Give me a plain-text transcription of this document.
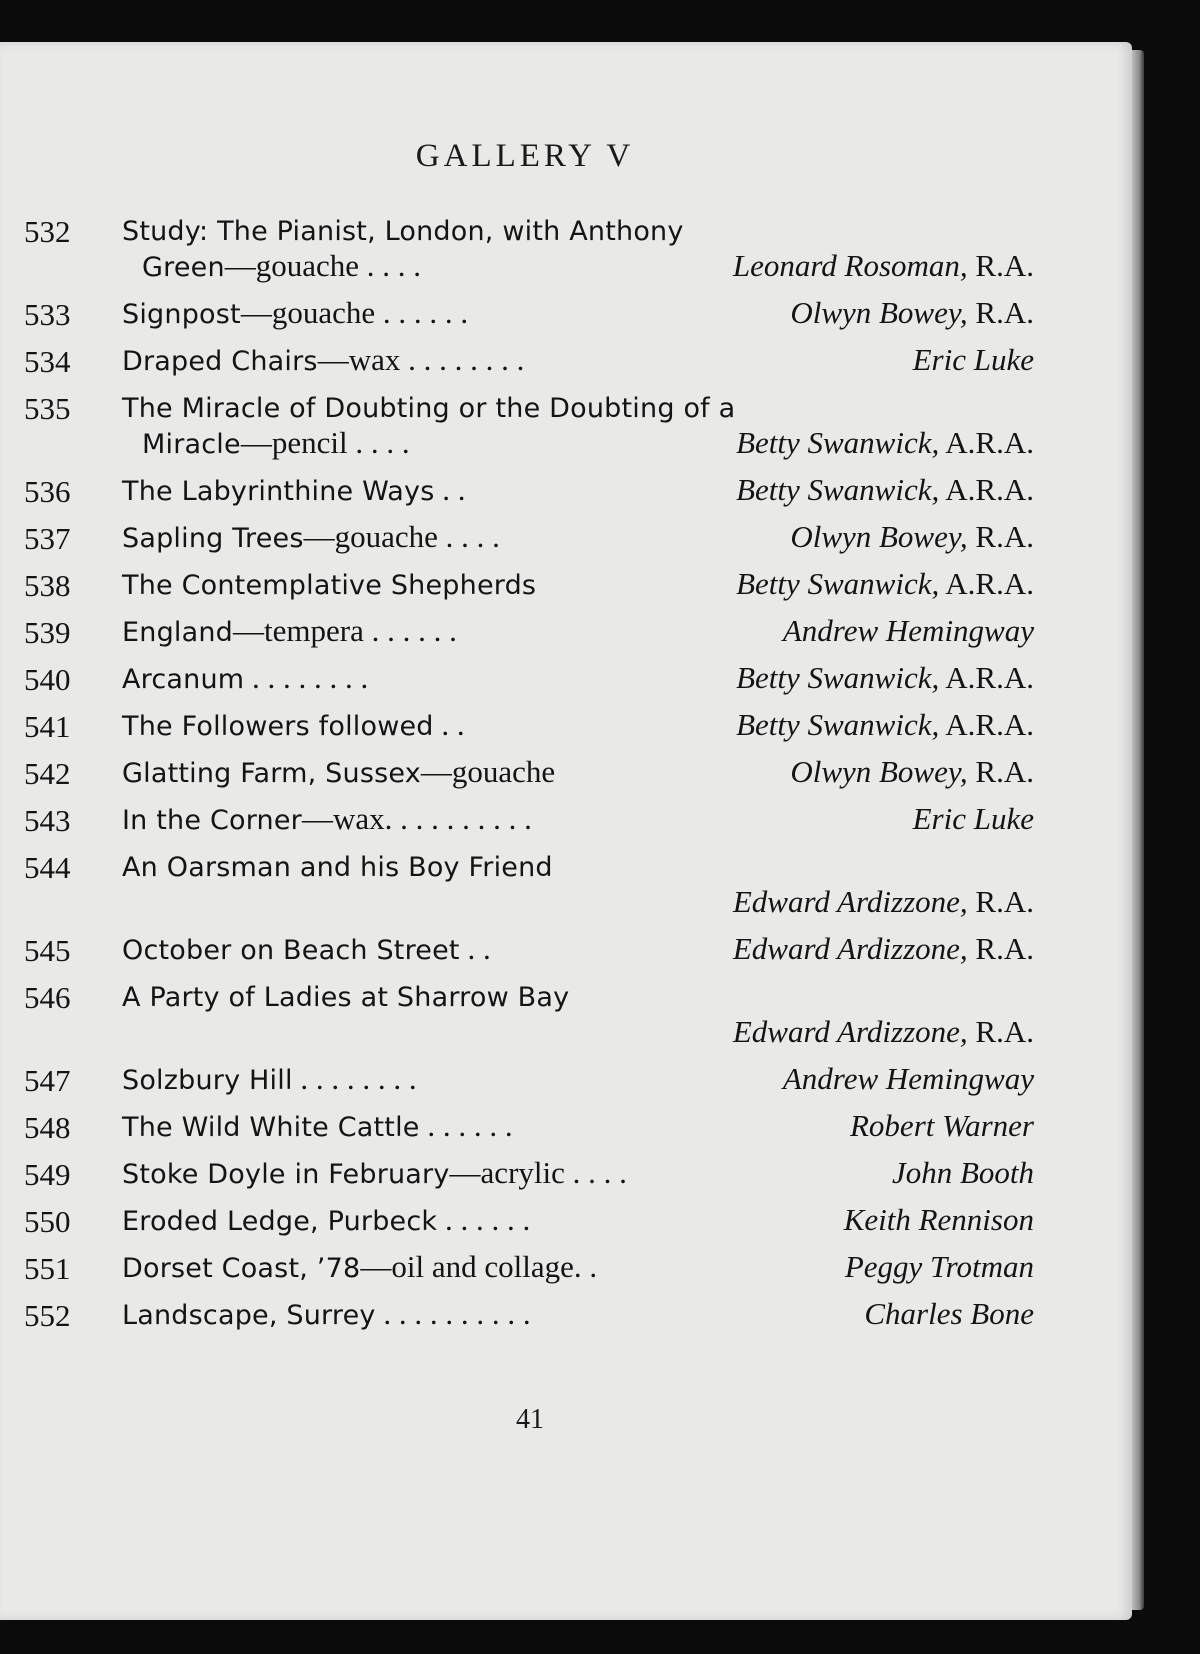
GALLERY V
532 Study: The Pianist, London, with Anthony
Green—gouache . . . .	Leonard Rosoman, R.A.
533 Signpost—gouache . . . . . .	Olwyn Bowey, R.A.
534 Draped Chairs—wax . . . . . . . .	Eric Luke
535 The Miracle of Doubting or the Doubting of a
Miracle—pencil . . . .	Betty Swanwick, A.R.A.
536 The Labyrinthine Ways . .	Betty Swanwick, A.R.A.
537 Sapling Trees—gouache . . . .	Olwyn Bowey, R.A.
538 The Contemplative Shepherds	Betty Swanwick, A.R.A.
539 England—tempera . . . . . .	Andrew Hemingway
540 Arcanum . . . . . . . .	Betty Swanwick, A.R.A.
541 The Followers followed . .	Betty Swanwick, A.R.A.
542 Glatting Farm, Sussex—gouache	Olwyn Bowey, R.A.
543 In the Corner—wax. . . . . . . . . .	Eric Luke
544 An Oarsman and his Boy Friend
Edward Ardizzone, R.A.
545 October on Beach Street . .	Edward Ardizzone, R.A.
546 A Party of Ladies at Sharrow Bay
Edward Ardizzone, R.A.
547 Solzbury Hill . . . . . . . .	Andrew Hemingway
548 The Wild White Cattle . . . . . .	Robert Warner
549 Stoke Doyle in February—acrylic . . . .	John Booth
550 Eroded Ledge, Purbeck . . . . . .	Keith Rennison
551 Dorset Coast, ’78—oil and collage. .	Peggy Trotman
552 Landscape, Surrey . . . . . . . . . .	Charles Bone
41
